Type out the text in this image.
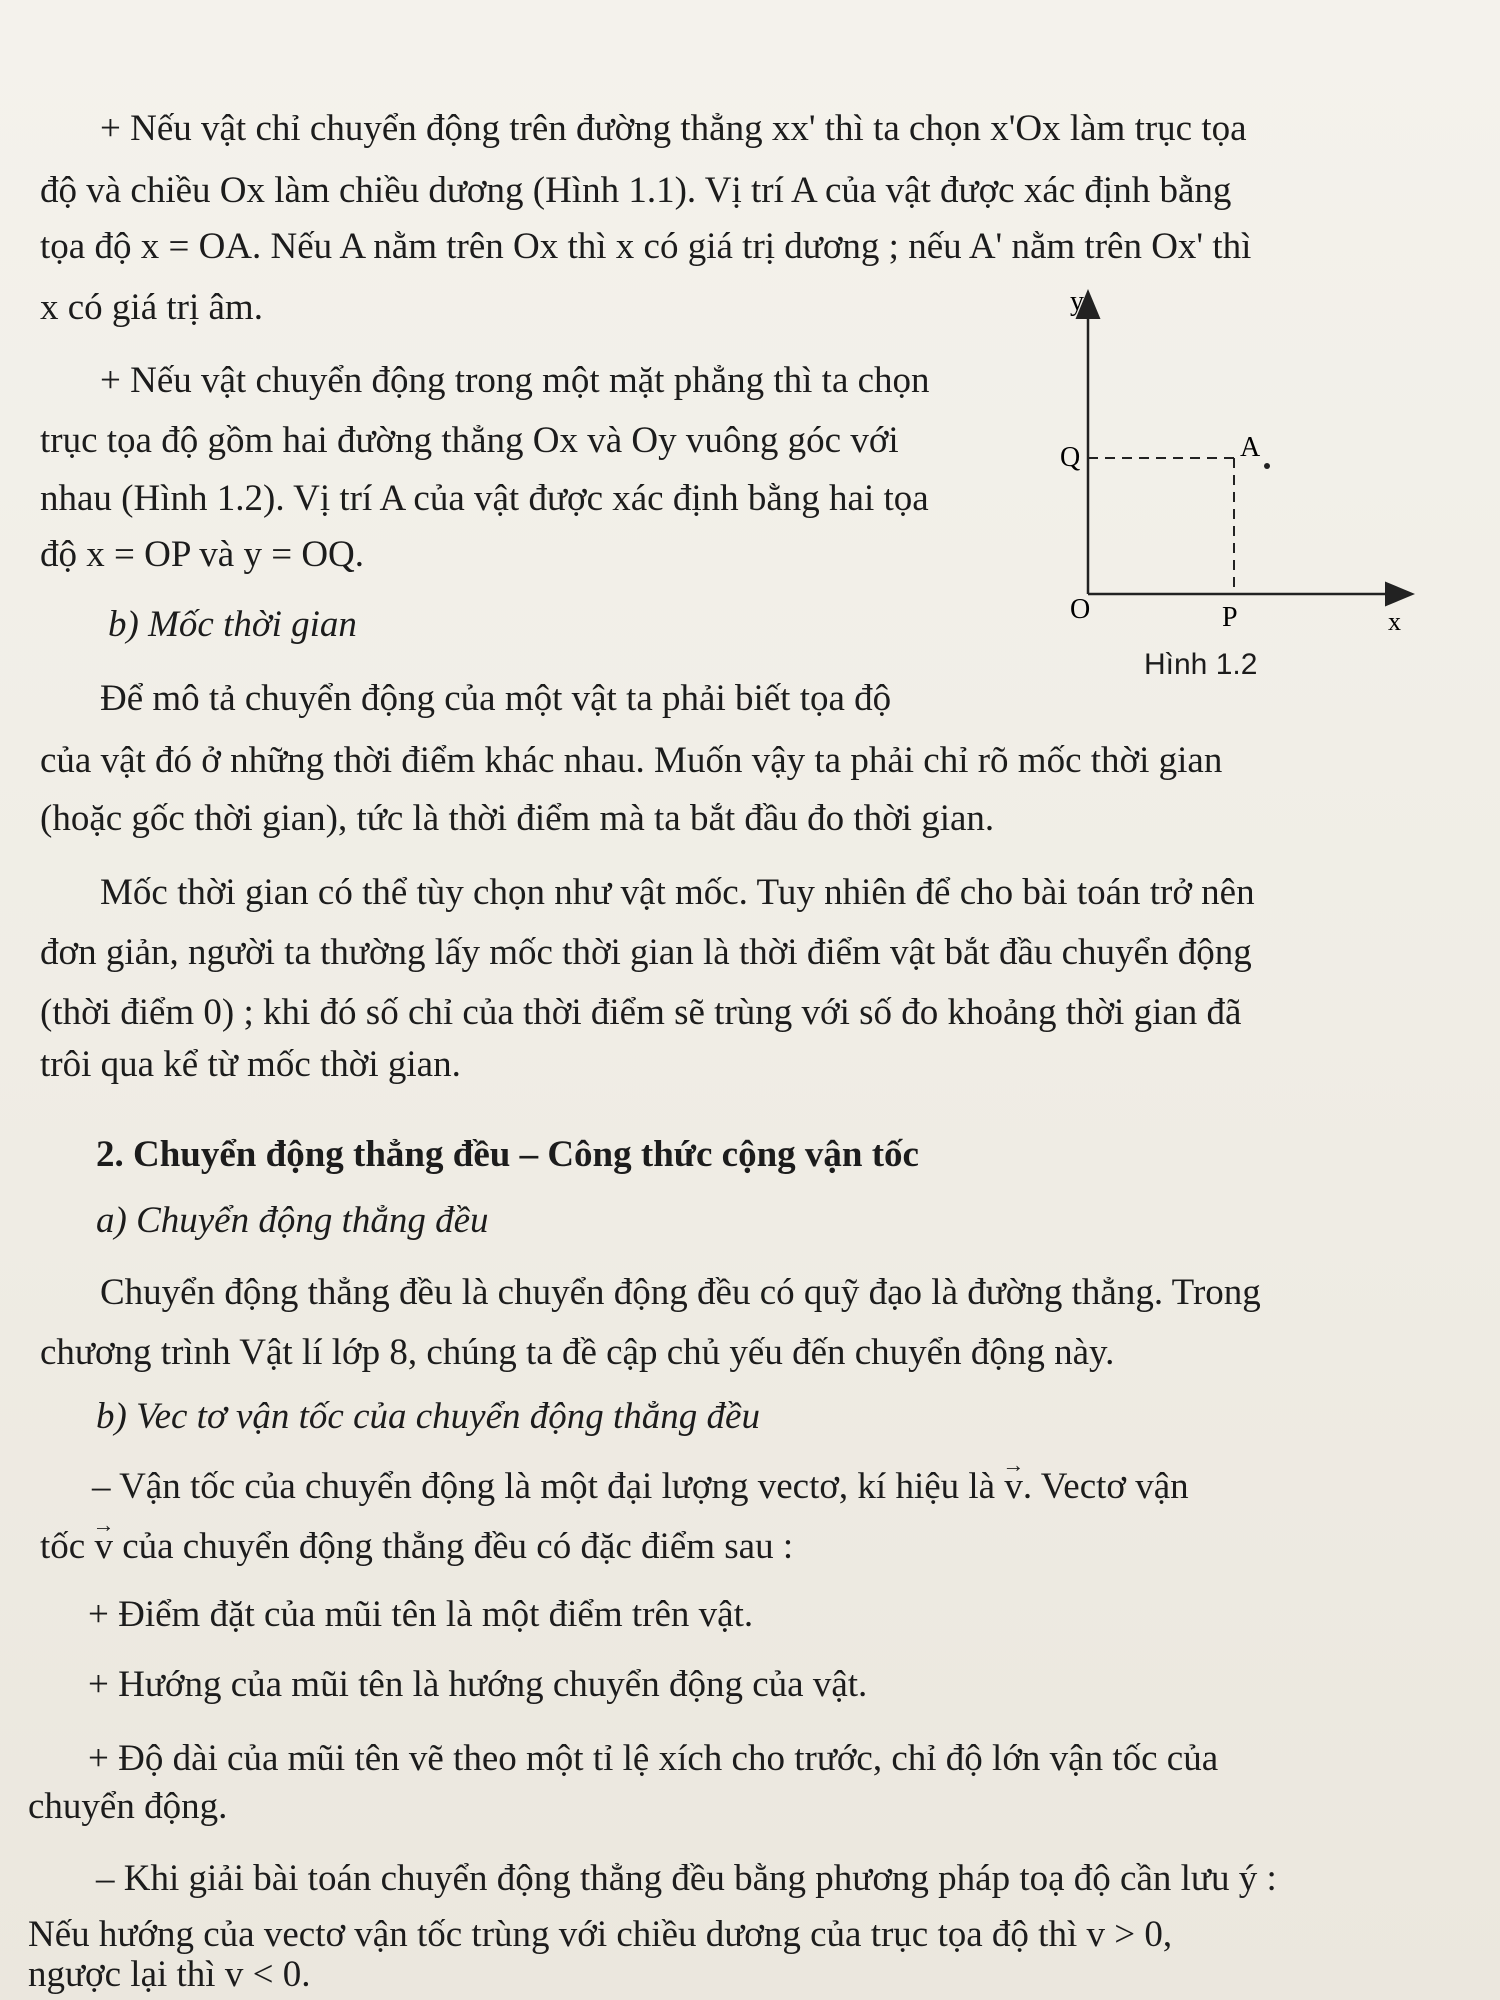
+ Nếu vật chỉ chuyển động trên đường thẳng xx' thì ta chọn x'Ox làm trục tọa
độ và chiều Ox làm chiều dương (Hình 1.1). Vị trí A của vật được xác định bằng
tọa độ x = OA. Nếu A nằm trên Ox thì x có giá trị dương ; nếu A' nằm trên Ox' thì
x có giá trị âm.
+ Nếu vật chuyển động trong một mặt phẳng thì ta chọn
trục tọa độ gồm hai đường thẳng Ox và Oy vuông góc với
nhau (Hình 1.2). Vị trí A của vật được xác định bằng hai tọa
độ x = OP và y = OQ.
y
x
O	P
Q	A
Hình 1.2
b) Mốc thời gian
Để mô tả chuyển động của một vật ta phải biết tọa độ
của vật đó ở những thời điểm khác nhau. Muốn vậy ta phải chỉ rõ mốc thời gian
(hoặc gốc thời gian), tức là thời điểm mà ta bắt đầu đo thời gian.
Mốc thời gian có thể tùy chọn như vật mốc. Tuy nhiên để cho bài toán trở nên
đơn giản, người ta thường lấy mốc thời gian là thời điểm vật bắt đầu chuyển động
(thời điểm 0) ; khi đó số chỉ của thời điểm sẽ trùng với số đo khoảng thời gian đã
trôi qua kể từ mốc thời gian.
2. Chuyển động thẳng đều – Công thức cộng vận tốc
a) Chuyển động thẳng đều
Chuyển động thẳng đều là chuyển động đều có quỹ đạo là đường thẳng. Trong
chương trình Vật lí lớp 8, chúng ta đề cập chủ yếu đến chuyển động này.
b) Vec tơ vận tốc của chuyển động thẳng đều
– Vận tốc của chuyển động là một đại lượng vectơ, kí hiệu là → v. Vectơ vận
tốc → v của chuyển động thẳng đều có đặc điểm sau :
+ Điểm đặt của mũi tên là một điểm trên vật.
+ Hướng của mũi tên là hướng chuyển động của vật.
+ Độ dài của mũi tên vẽ theo một tỉ lệ xích cho trước, chỉ độ lớn vận tốc của
chuyển động.
– Khi giải bài toán chuyển động thẳng đều bằng phương pháp toạ độ cần lưu ý :
Nếu hướng của vectơ vận tốc trùng với chiều dương của trục tọa độ thì v > 0,
ngược lại thì v < 0.
